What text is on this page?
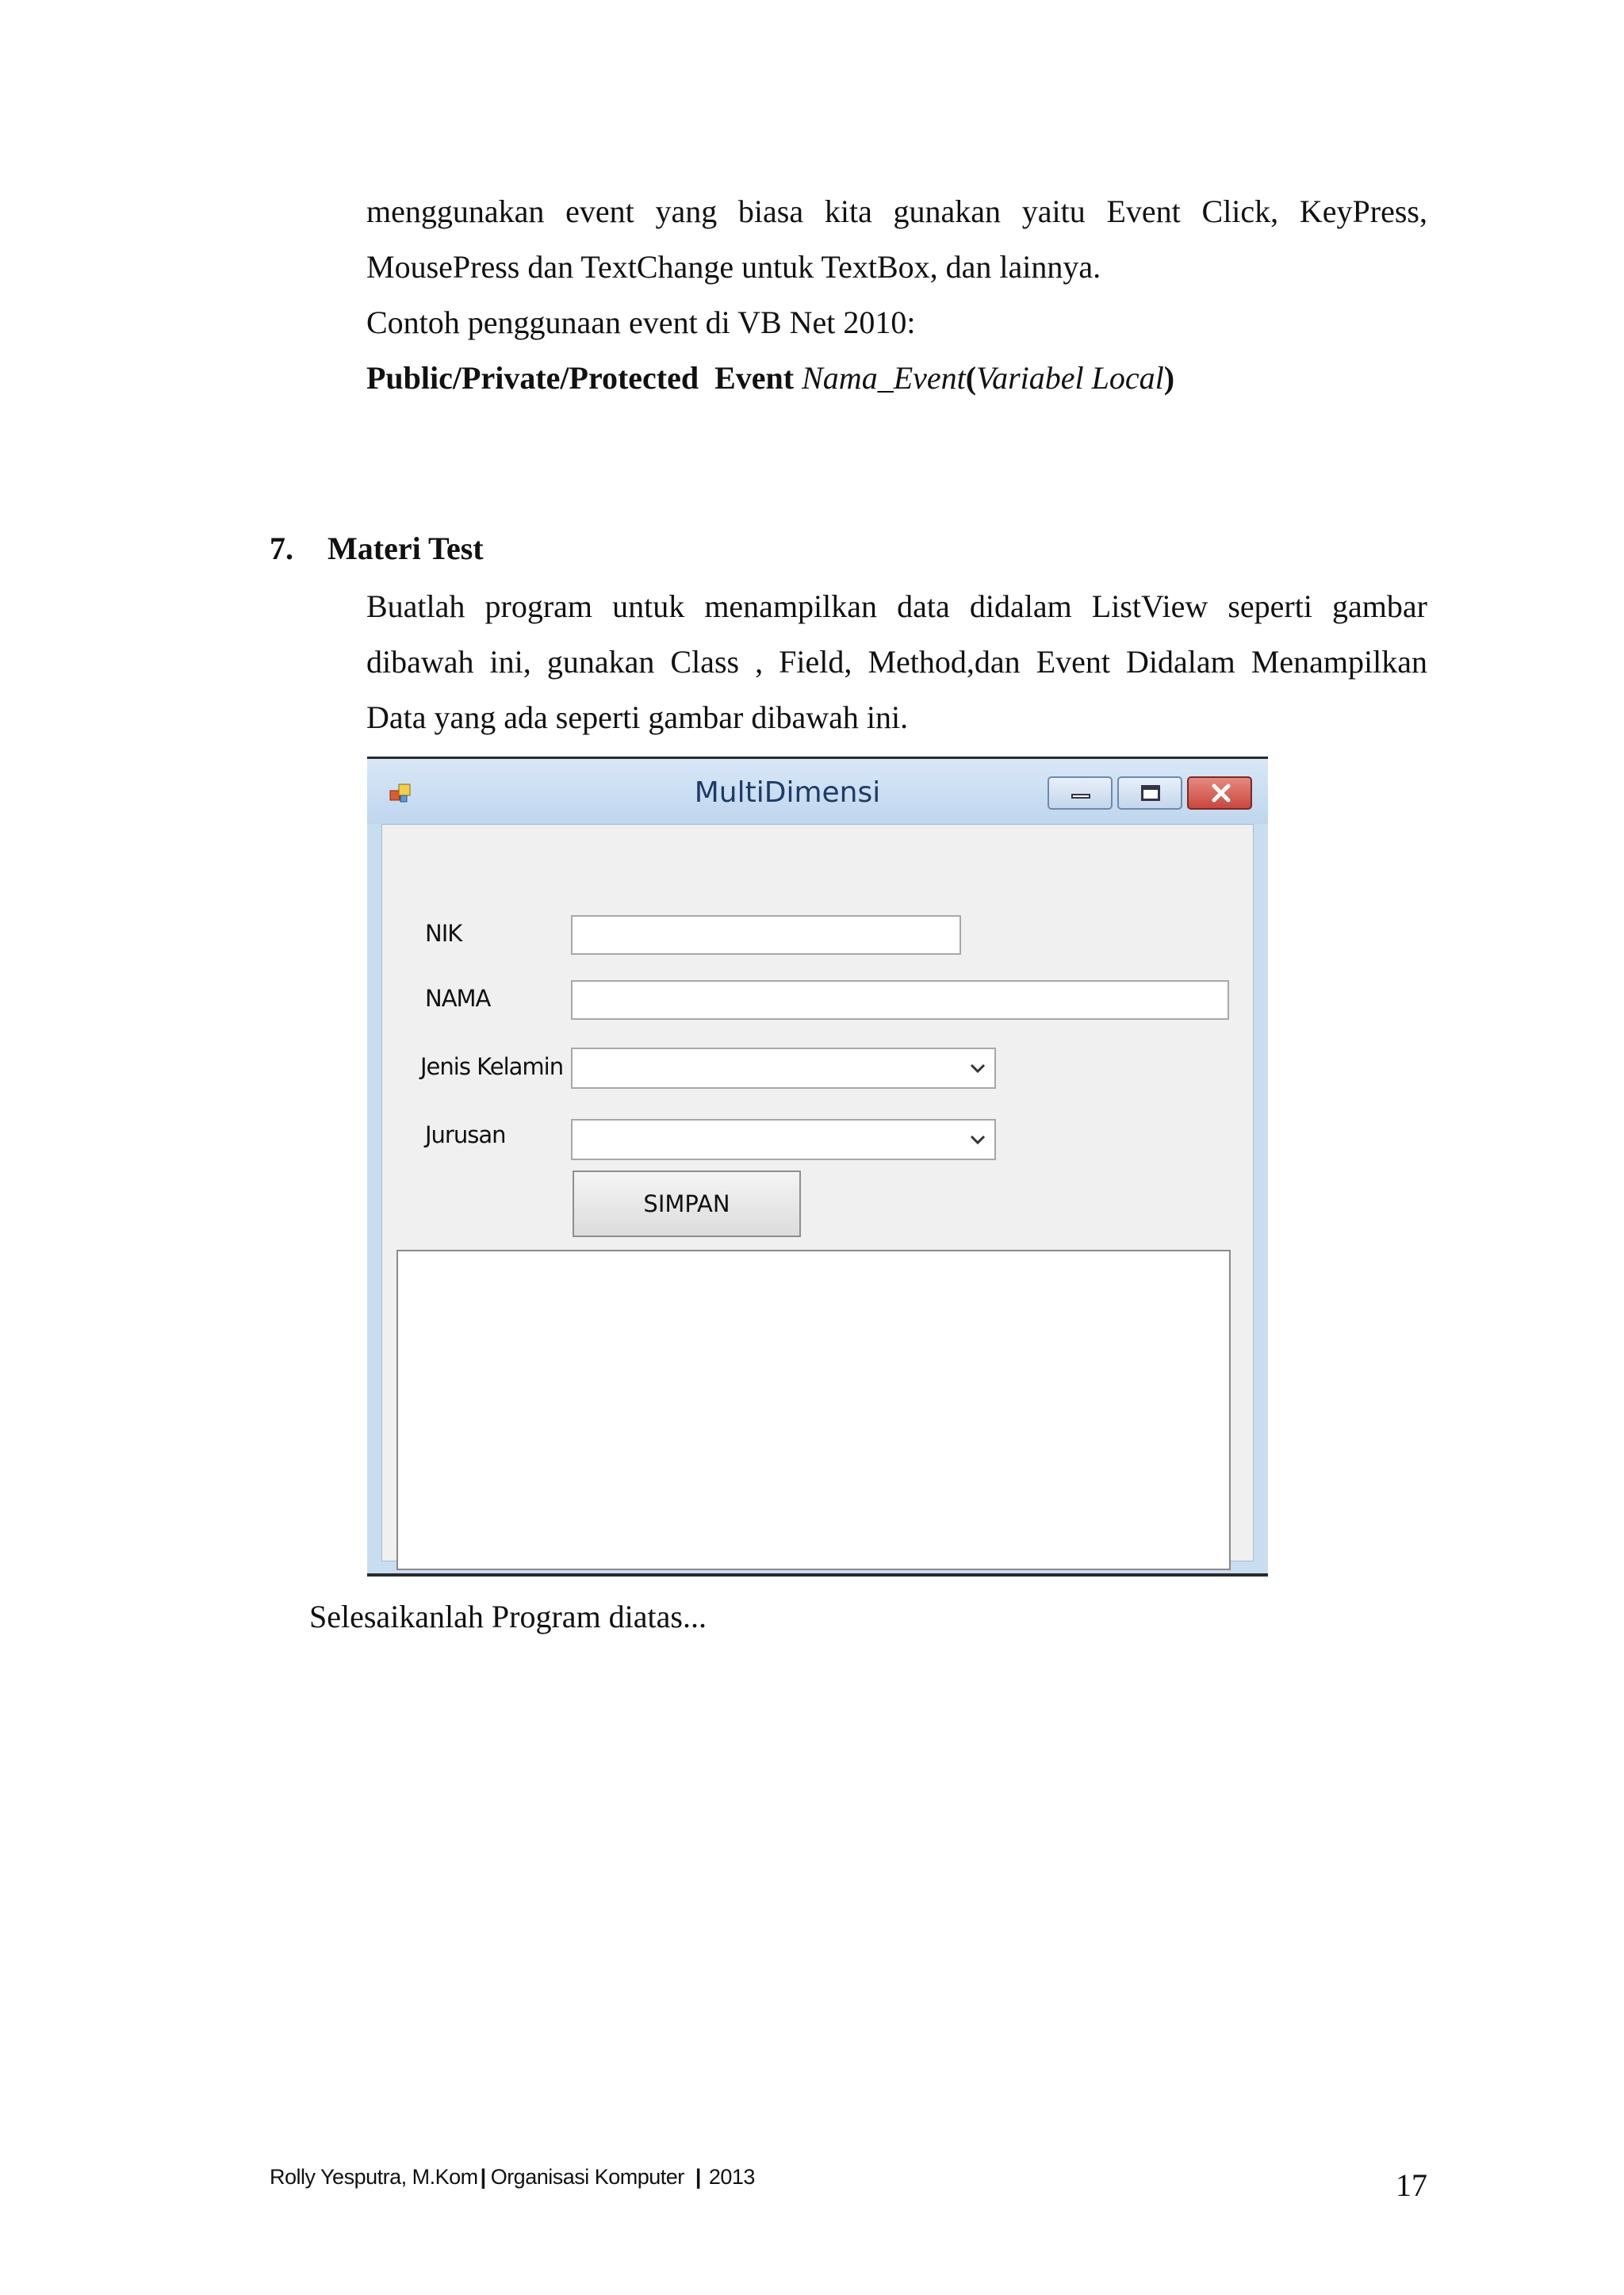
menggunakan event yang biasa kita gunakan yaitu Event Click, KeyPress,
MousePress dan TextChange untuk TextBox, dan lainnya.
Contoh penggunaan event di VB Net 2010:
Public/Private/Protected  Event Nama_Event(Variabel Local)
7. Materi Test
Buatlah program untuk menampilkan data didalam ListView seperti gambar
dibawah ini, gunakan Class , Field, Method,dan Event Didalam Menampilkan
Data yang ada seperti gambar dibawah ini.
MultiDimensi
NIK
NAMA
Jenis Kelamin
Jurusan
SIMPAN
Selesaikanlah Program diatas...
Rolly Yesputra, M.Kom | Organisasi Komputer | 2013	17
